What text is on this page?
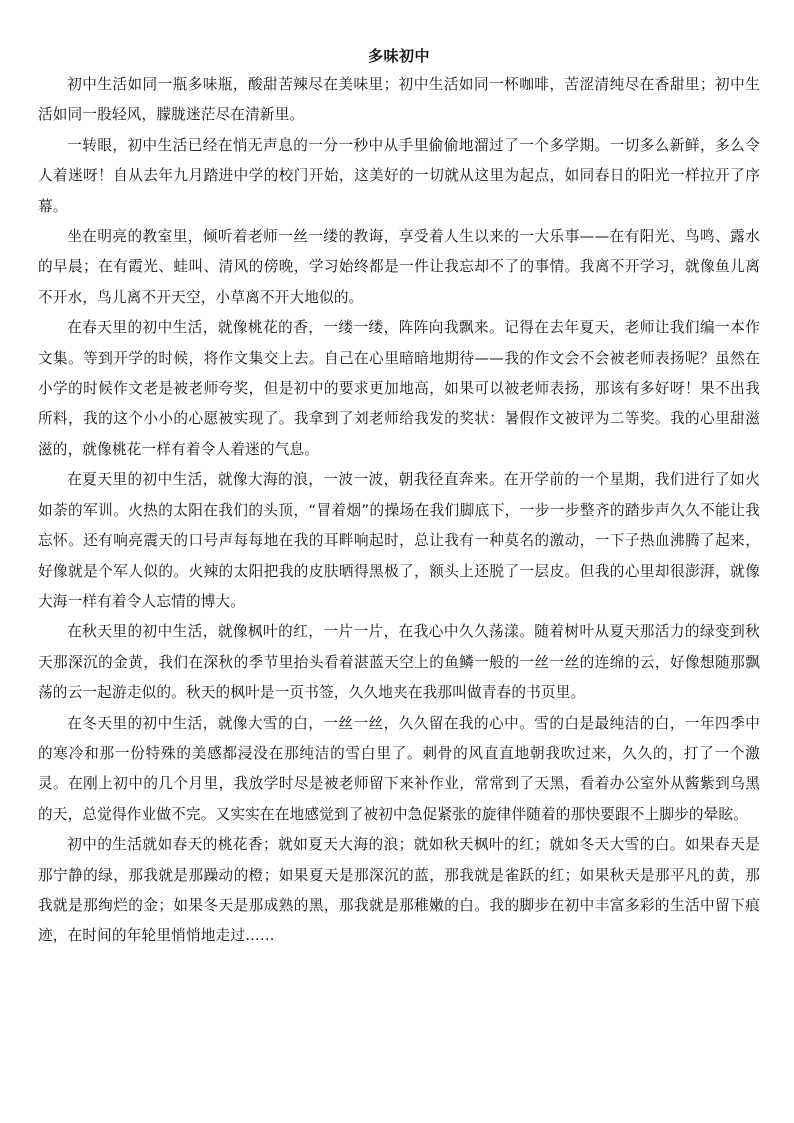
多味初中

初中生活如同一瓶多味瓶，酸甜苦辣尽在美味里；初中生活如同一杯咖啡，苦涩清纯尽在香甜里；初中生活如同一股轻风，朦胧迷茫尽在清新里。

一转眼，初中生活已经在悄无声息的一分一秒中从手里偷偷地溜过了一个多学期。一切多么新鲜，多么令人着迷呀！自从去年九月踏进中学的校门开始，这美好的一切就从这里为起点，如同春日的阳光一样拉开了序幕。

坐在明亮的教室里，倾听着老师一丝一缕的教诲，享受着人生以来的一大乐事——在有阳光、鸟鸣、露水的早晨；在有霞光、蛙叫、清风的傍晚，学习始终都是一件让我忘却不了的事情。我离不开学习，就像鱼儿离不开水，鸟儿离不开天空，小草离不开大地似的。

在春天里的初中生活，就像桃花的香，一缕一缕，阵阵向我飘来。记得在去年夏天，老师让我们编一本作文集。等到开学的时候，将作文集交上去。自己在心里暗暗地期待——我的作文会不会被老师表扬呢？虽然在小学的时候作文老是被老师夸奖，但是初中的要求更加地高，如果可以被老师表扬，那该有多好呀！果不出我所料，我的这个小小的心愿被实现了。我拿到了刘老师给我发的奖状：暑假作文被评为二等奖。我的心里甜滋滋的，就像桃花一样有着令人着迷的气息。

在夏天里的初中生活，就像大海的浪，一波一波，朝我径直奔来。在开学前的一个星期，我们进行了如火如荼的军训。火热的太阳在我们的头顶，“冒着烟”的操场在我们脚底下，一步一步整齐的踏步声久久不能让我忘怀。还有响亮震天的口号声每每地在我的耳畔响起时，总让我有一种莫名的激动，一下子热血沸腾了起来，好像就是个军人似的。火辣的太阳把我的皮肤晒得黑极了，额头上还脱了一层皮。但我的心里却很澎湃，就像大海一样有着令人忘情的博大。

在秋天里的初中生活，就像枫叶的红，一片一片，在我心中久久荡漾。随着树叶从夏天那活力的绿变到秋天那深沉的金黄，我们在深秋的季节里抬头看着湛蓝天空上的鱼鳞一般的一丝一丝的连绵的云，好像想随那飘荡的云一起游走似的。秋天的枫叶是一页书签，久久地夹在我那叫做青春的书页里。

在冬天里的初中生活，就像大雪的白，一丝一丝，久久留在我的心中。雪的白是最纯洁的白，一年四季中的寒冷和那一份特殊的美感都浸没在那纯洁的雪白里了。刺骨的风直直地朝我吹过来，久久的，打了一个激灵。在刚上初中的几个月里，我放学时尽是被老师留下来补作业，常常到了天黑，看着办公室外从酱紫到乌黑的天，总觉得作业做不完。又实实在在地感觉到了被初中急促紧张的旋律伴随着的那快要跟不上脚步的晕眩。

初中的生活就如春天的桃花香；就如夏天大海的浪；就如秋天枫叶的红；就如冬天大雪的白。如果春天是那宁静的绿，那我就是那躁动的橙；如果夏天是那深沉的蓝，那我就是雀跃的红；如果秋天是那平凡的黄，那我就是那绚烂的金；如果冬天是那成熟的黑，那我就是那稚嫩的白。我的脚步在初中丰富多彩的生活中留下痕迹，在时间的年轮里悄悄地走过……
